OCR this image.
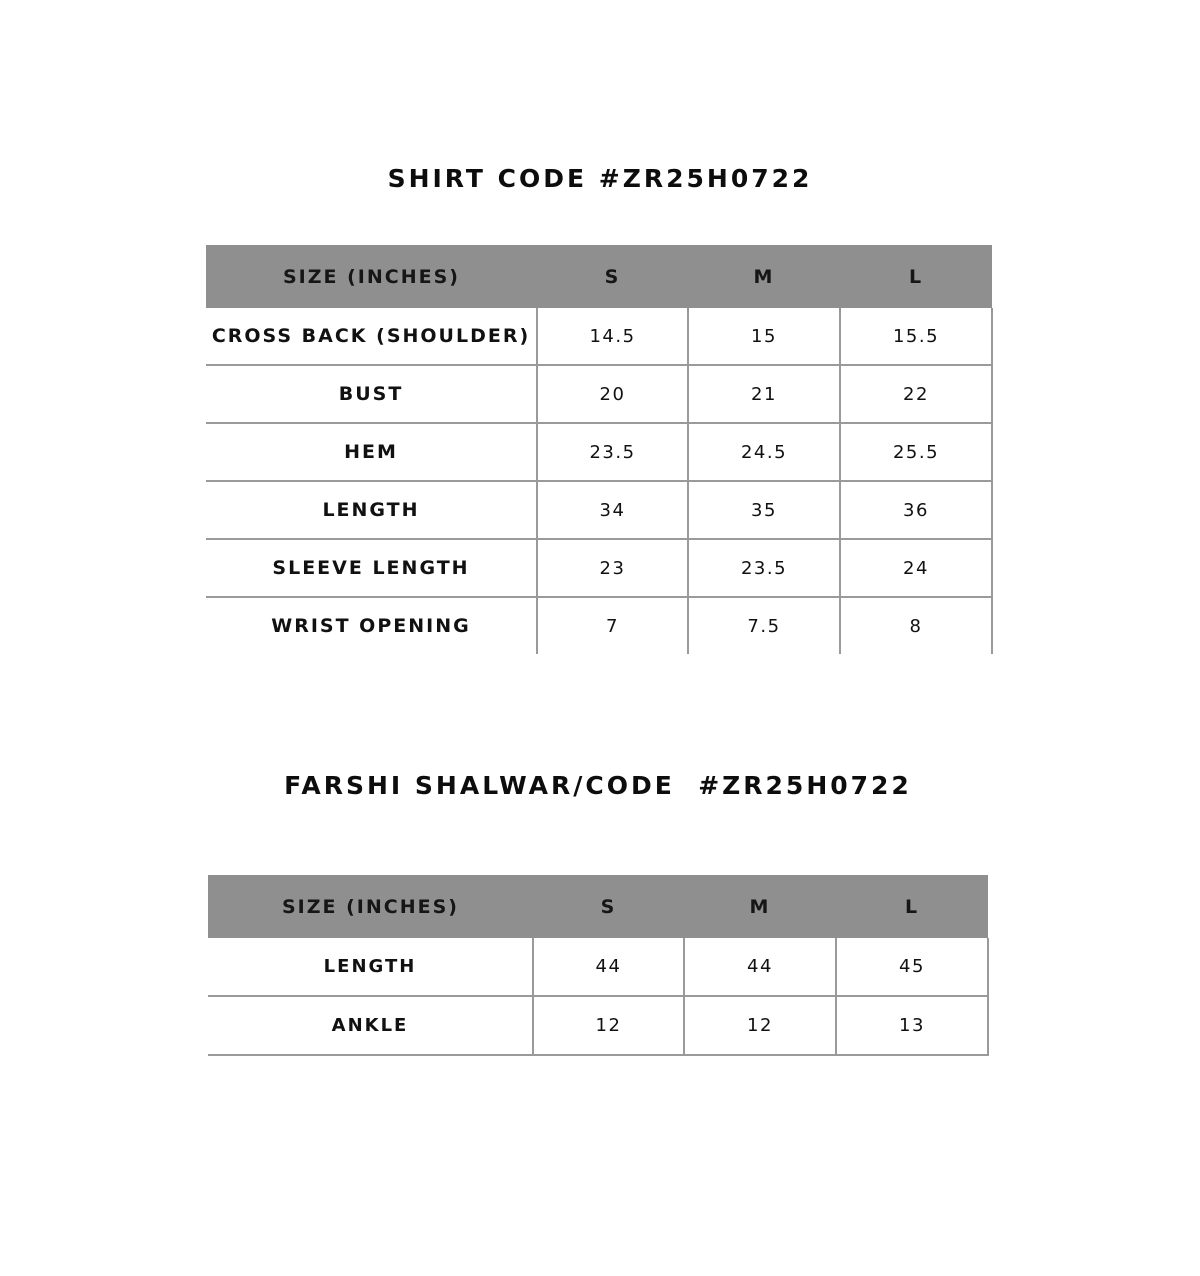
SHIRT CODE #ZR25H0722
SIZE (INCHES)	S	M	L
CROSS BACK (SHOULDER)	14.5	15	15.5
BUST	20	21	22
HEM	23.5	24.5	25.5
LENGTH	34	35	36
SLEEVE LENGTH	23	23.5	24
WRIST OPENING	7	7.5	8
FARSHI SHALWAR/CODE  #ZR25H0722
SIZE (INCHES)	S	M	L
LENGTH	44	44	45
ANKLE	12	12	13
